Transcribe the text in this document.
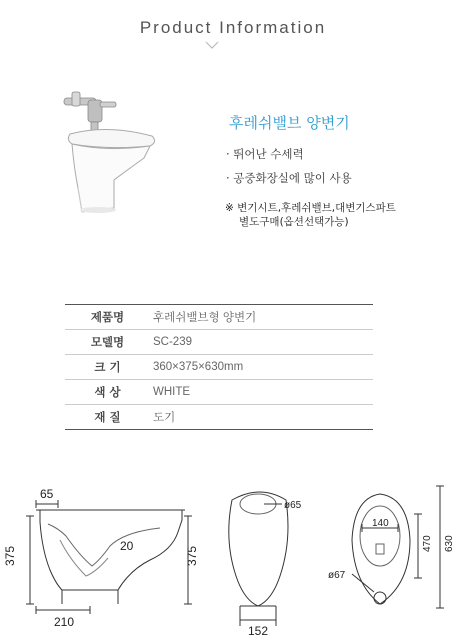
Product Information
후레쉬밸브 양변기
· 뛰어난 수세력
· 공중화장실에 많이 사용
※ 변기시트,후레쉬밸브,대변기스파트
별도구매(옵션선택가능)
제품명	후레쉬밸브형 양변기
모델명	SC-239
크 기	360×375×630mm
색 상	WHITE
재 질	도기
65
375	375
20
210
ø65
152
140
470 630
ø67
